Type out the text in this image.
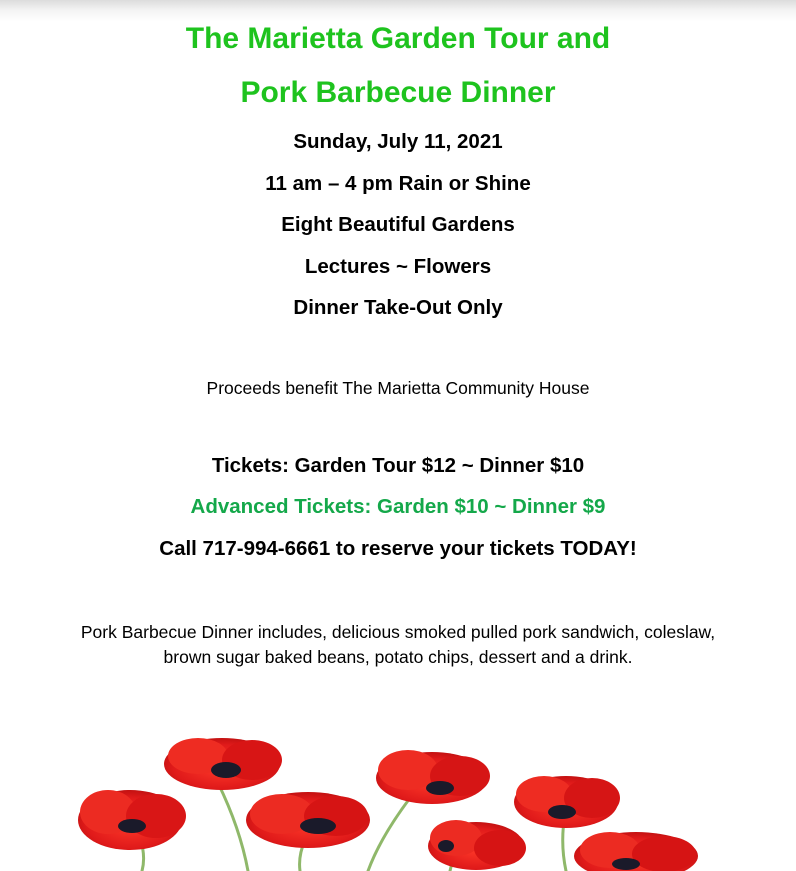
The Marietta Garden Tour and

Pork Barbecue Dinner

Sunday, July 11, 2021

11 am – 4 pm Rain or Shine

Eight Beautiful Gardens

Lectures ~ Flowers

Dinner Take-Out Only

Proceeds benefit The Marietta Community House

Tickets: Garden Tour $12 ~ Dinner $10

Advanced Tickets: Garden $10 ~ Dinner $9

Call 717-994-6661 to reserve your tickets TODAY!

Pork Barbecue Dinner includes, delicious smoked pulled pork sandwich, coleslaw,

brown sugar baked beans, potato chips, dessert and a drink.
